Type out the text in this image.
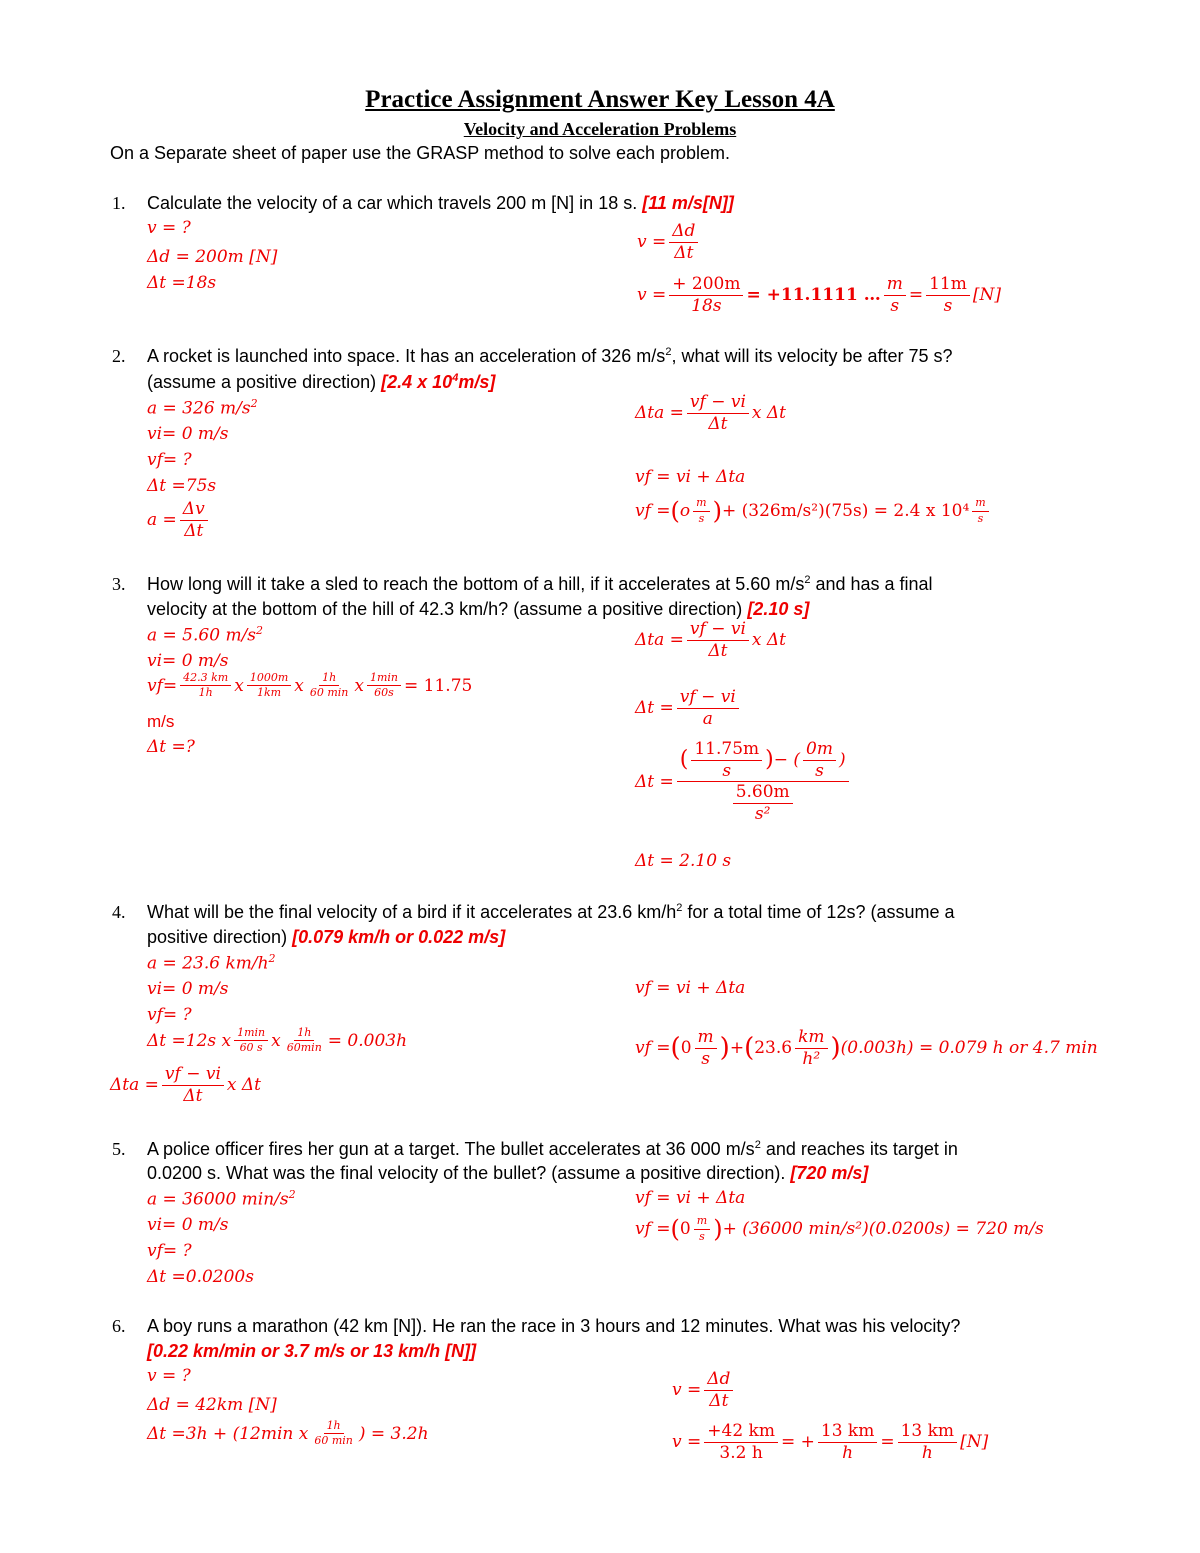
Practice Assignment Answer Key Lesson 4A
Velocity and Acceleration Problems
On a Separate sheet of paper use the GRASP method to solve each problem.
1. Calculate the velocity of a car which travels 200 m [N] in 18 s. [11 m/s[N]]
v = ?
Δd = 200m [N]
Δt =18s
$v = \frac{\Delta d}{\Delta t}$
$v = \frac{+ 200m}{18s} = +11.1111$ … $\frac{m}{s} = \frac{11m}{s} [N]$
2. A rocket is launched into space. It has an acceleration of 326 $m/s^2$, what will its velocity be after 75 s?
(assume a positive direction) [2.4 x $10^4m/s$]
a = 326 $m/s^2$
vi= 0 m/s
vf= ?
Δt =75s
$a = \frac{\Delta v}{\Delta t}$
$\Delta ta = \frac{vf - vi}{\Delta t}$ x Δt
vf = vi + Δta
vf = ( o $\frac{m}{s}$ ) + (326m/s²)(75s) = 2.4 x $10^4 \frac{m}{s}$
3. How long will it take a sled to reach the bottom of a hill, if it accelerates at 5.60 $m/s^2$ and has a final
velocity at the bottom of the hill of 42.3 km/h? (assume a positive direction) [2.10 s]
a = 5.60 $m/s^2$
vi= 0 m/s
$vf= \frac{42.3 km}{1h}$ x $\frac{1000m}{1km}$ x $\frac{1h}{60 \min}$ x $\frac{1\min}{60s} = 11.75$
m/s
Δt =?
$\Delta ta = \frac{vf - vi}{\Delta t}$ x Δt
$\Delta t = \frac{vf - vi}{a}$
$\Delta t = \frac{( \frac{11.75m}{s} ) - ( \frac{0m}{s} )}{\frac{5.60m}{\text{s²}}}$
Δt = 2.10 s
4. What will be the final velocity of a bird if it accelerates at 23.6 $km/h^2$ for a total time of 12s? (assume a
positive direction) [0.079 km/h or 0.022 m/s]
a = 23.6 $km/h^2$
vi= 0 m/s
vf= ?
Δt =12s x $\frac{1\min}{60 s}$ x $\frac{1h}{60\min} = 0.003h$
$\Delta ta = \frac{vf - vi}{\Delta t}$ x Δt
vf = vi + Δta
vf = ( $0 \frac{m}{s}$ ) + ( $23.6 \frac{km}{\text{h²}}$ ) (0.003h) = 0.079 h or 4.7 min
5. A police officer fires her gun at a target. The bullet accelerates at 36 000 $m/s^2$ and reaches its target in
0.0200 s. What was the final velocity of the bullet? (assume a positive direction). [720 m/s]
a = 36000 $\min/s^2$
vi= 0 m/s
vf= ?
Δt =0.0200s
vf = vi + Δta
vf = ( $0 \frac{m}{s}$ ) + (36000 min/s²)(0.0200s) = 720 m/s
6. A boy runs a marathon (42 km [N]). He ran the race in 3 hours and 12 minutes. What was his velocity?
[0.22 km/min or 3.7 m/s or 13 km/h [N]]
v = ?
Δd = 42km [N]
Δt =3h + (12min x $\frac{1h}{60 \min}$ ) = 3.2h
$v = \frac{\Delta d}{\Delta t}$
$v = \frac{+42 km}{3.2 h}$ = + $\frac{13 km}{h} = \frac{13 km}{h} [N]$
